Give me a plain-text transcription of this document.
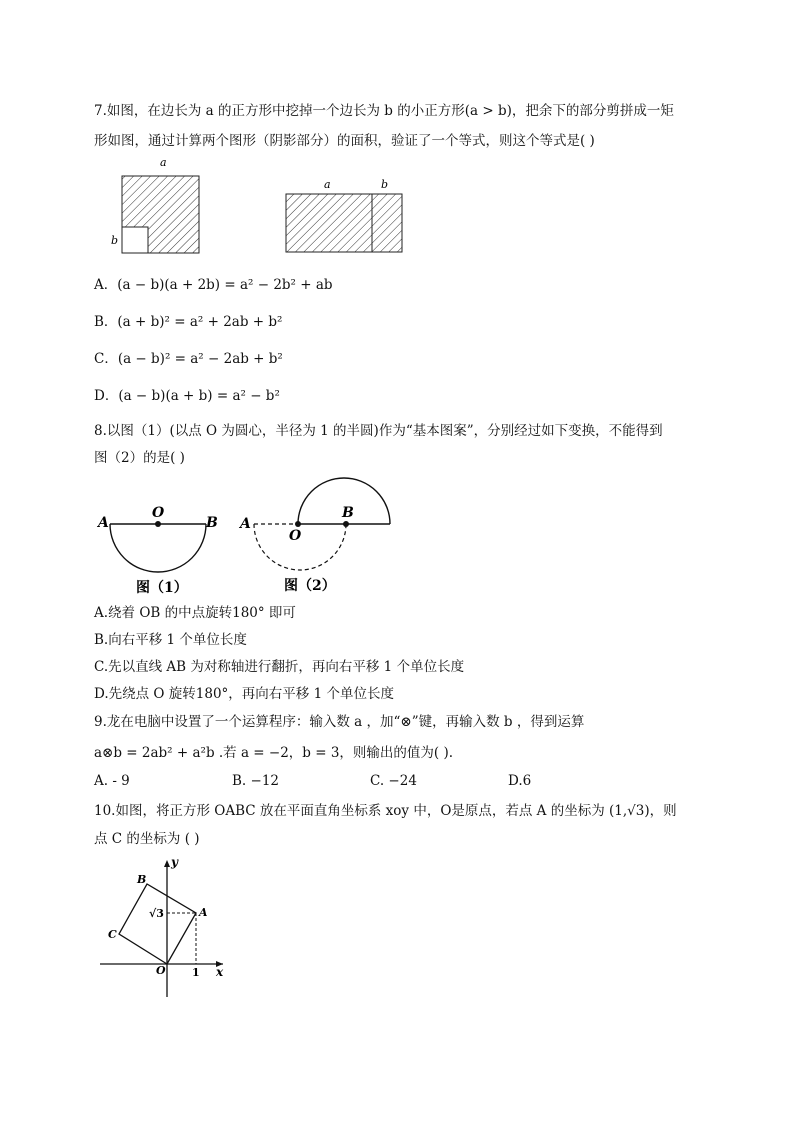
7.如图，在边长为 a 的正方形中挖掉一个边长为 b 的小正方形(a > b)，把余下的部分剪拼成一矩
形如图，通过计算两个图形（阴影部分）的面积，验证了一个等式，则这个等式是( )
a
b
a	b
A．(a − b)(a + 2b) = a² − 2b² + ab
B．(a + b)² = a² + 2ab + b²
C．(a − b)² = a² − 2ab + b²
D．(a − b)(a + b) = a² − b²
8.以图（1）(以点 O 为圆心，半径为 1 的半圆)作为“基本图案”，分别经过如下变换，不能得到
图（2）的是( )
A
O
B
图（1）
A
O
B
图（2）
A.绕着 OB 的中点旋转180° 即可
B.向右平移 1 个单位长度
C.先以直线 AB 为对称轴进行翻折，再向右平移 1 个单位长度
D.先绕点 O 旋转180°，再向右平移 1 个单位长度
9.龙在电脑中设置了一个运算程序：输入数 a ，加“⊗”键，再输入数 b ，得到运算
a⊗b = 2ab² + a²b .若 a = −2，b = 3，则输出的值为( ).
A. - 9	B. −12	C. −24	D.6
10.如图，将正方形 OABC 放在平面直角坐标系 xoy 中，O是原点，若点 A 的坐标为 (1,√3)，则
点 C 的坐标为 ( )
y
x
B
A
C
O 1
√3
